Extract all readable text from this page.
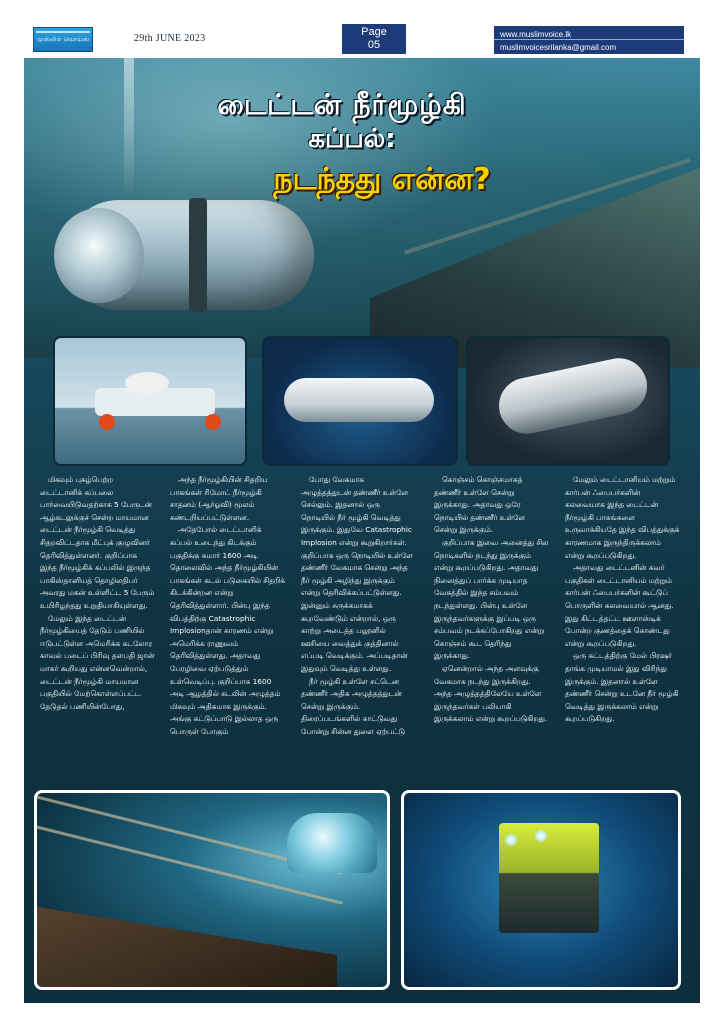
முஸ்லிம் வொய்ஸ்	29th JUNE 2023
Page
05
www.muslimvoice.lk
muslimvoicesrilanka@gmail.com
டைட்டன் நீர்மூழ்கி
கப்பல்:
நடந்தது என்ன?

மிகவும் புகழ்பெற்ற டைட்டானிக் கப்பலை பார்வையிடுவதற்காக 5 பேருடன் ஆழ்கடலுக்குச் சென்ற மாயமான டைட்டன் நீர்மூழ்கி வெடித்து சிதறவிட்டதாக மீட்புக் குழுவினர் தெரிவித்துள்ளனர். குறிப்பாக இந்த நீர்மூழ்கிக் கப்பலில் இருந்த பாகிஸ்தானியத் தொழிலதிபர் அவரது மகன் உள்ளிட்ட 5 பேரும் உயிரிழந்தது உறுதியாகியுள்ளது.

மேலும் இந்த டைட்டன் நீர்மூழ்கியைத் தேடும் பணியில் ஈடுபட்டுள்ள அமெரிக்க கடலோர காவல் படைப் பிரிவு தளபதி ஜான் மாகர் கூறியது என்னவென்றால், டைட்டன் நீர்மூழ்கி மாயமான பகுதியில் மேற்கொள்ளப்பட்ட தேடுதல் பணியின்போது,

அந்த நீர்மூழ்கியின் சிதறிய பாகங்கள் ரிமோட் நீர்மூழ்கி சாதனம் (ஆர்ஓவி) மூலம் கண்டறியப்பட்டுள்ளன.

அதேபோல் டைட்டானிக் கப்பல் உடைந்து கிடக்கும் பகுதிக்கு சுமார் 1600 அடி தொலைவில் அந்த நீர்மூழ்கியின் பாகங்கள் கடல் படுகையில் சிதறிக் கிடக்கின்றன என்று தெரிவித்துள்ளார். பின்பு இந்த விபத்திற்கு Catastrophic Implosionதான் காரணம் என்று அமெரிக்க ராணுவம் தெரிவித்துள்ளது. அதாவது பேரழிவை ஏற்படுத்தும் உள்வெடிப்பு. குறிப்பாக 1600 அடி ஆழத்தில் கடலின் அழுத்தம் மிகவும் அதிகமாக இருக்கும். அங்கு கட்டுப்பாடு இல்லாத ஒரு பொருள் போகும்

போது வேகமாக அழுத்தத்துடன் தண்ணீர் உள்ளே செல்லும். இதனால் ஒரு நொடியில் நீர் மூழ்கி வெடித்து இருக்கும். இதுவே Catastrophic Implosion என்று கூறுகிறார்கள். குறிப்பாக ஒரு நொடியில் உள்ளே தண்ணீர் வேகமாக சென்று அந்த நீர் மூழ்கி அழிந்து இருக்கும் என்று தெரிவிக்கப்பட்டுள்ளது. இன்னும் சுருக்கமாகக் கூறவேண்டும் என்றால், ஒரு காற்று அடைத்த பலூனில் ஊசியை வைத்துக் குத்தினால் எப்படி வெடிக்கும். அப்படிதான் இதுவும் வெடித்து உள்ளது.

நீர் மூழ்கி உள்ளே சட்டென தண்ணீர் அதிக அழுத்தத்துடன் சென்று இருக்கும். திரைப்படங்களில் காட்டுவது போன்று சின்ன துளை ஏற்பட்டு

கொஞ்சம் கொஞ்சமாகத் தண்ணீர் உள்ளே சென்று இருக்காது. அதாவது ஒரே நொடியில் தண்ணீர் உள்ளே சென்று இருக்கும்.

குறிப்பாக இவை அனைத்து சில நொடிகளில் நடந்து இருக்கும் என்று கூறப்படுகிறது. அதாவது நினைத்துப் பார்க்க முடியாத வேகத்தில் இந்த சம்பவம் நடந்துள்ளது. பின்பு உள்ளே இருந்தவர்களுக்கு இப்படி ஒரு சம்பவம் நடக்கப்போகிறது என்று கொஞ்சம் கூட தெரிந்து இருக்காது.

ஏனென்றால் அந்த அளவுக்கு வேகமாக நடந்து இருக்கிறது. அந்த அழுத்தத்திலேயே உள்ளே இருந்தவர்கள் பலியாகி இருக்கலாம் என்று கூறப்படுகிறது.

மேலும் டைட்டானியம் மற்றும் கார்பன் ஃபைபர்களின் கலவையாக இந்த டைட்டன் நீர்மூழ்கி பாகங்களை உருவாக்கியதே இந்த விபத்துக்குக் காரணமாக இருந்திருக்கலாம் என்று கூறப்படுகிறது.

அதாவது டைட்டனின் சுவர் பகுதிகள் டைட்டானியம் மற்றும் கார்பன் ஃபைபர்களின் கூட்டுப் பொருளின் கலவையால் ஆனது. இது கிட்டத்தட்ட ஊளாஸ்டிக் போன்ற குணத்தைக் கொண்டது என்று கூறப்படுகிறது.

ஒரு கட்டத்திற்கு மேல் பிரஷர் தாங்க முடியாமல் இது விரிந்து இருக்கும். இதனால் உள்ளே தண்ணீர் சென்று உடனே நீர் மூழ்கி வெடித்து இருக்கலாம் என்று கூறப்படுகிறது.
